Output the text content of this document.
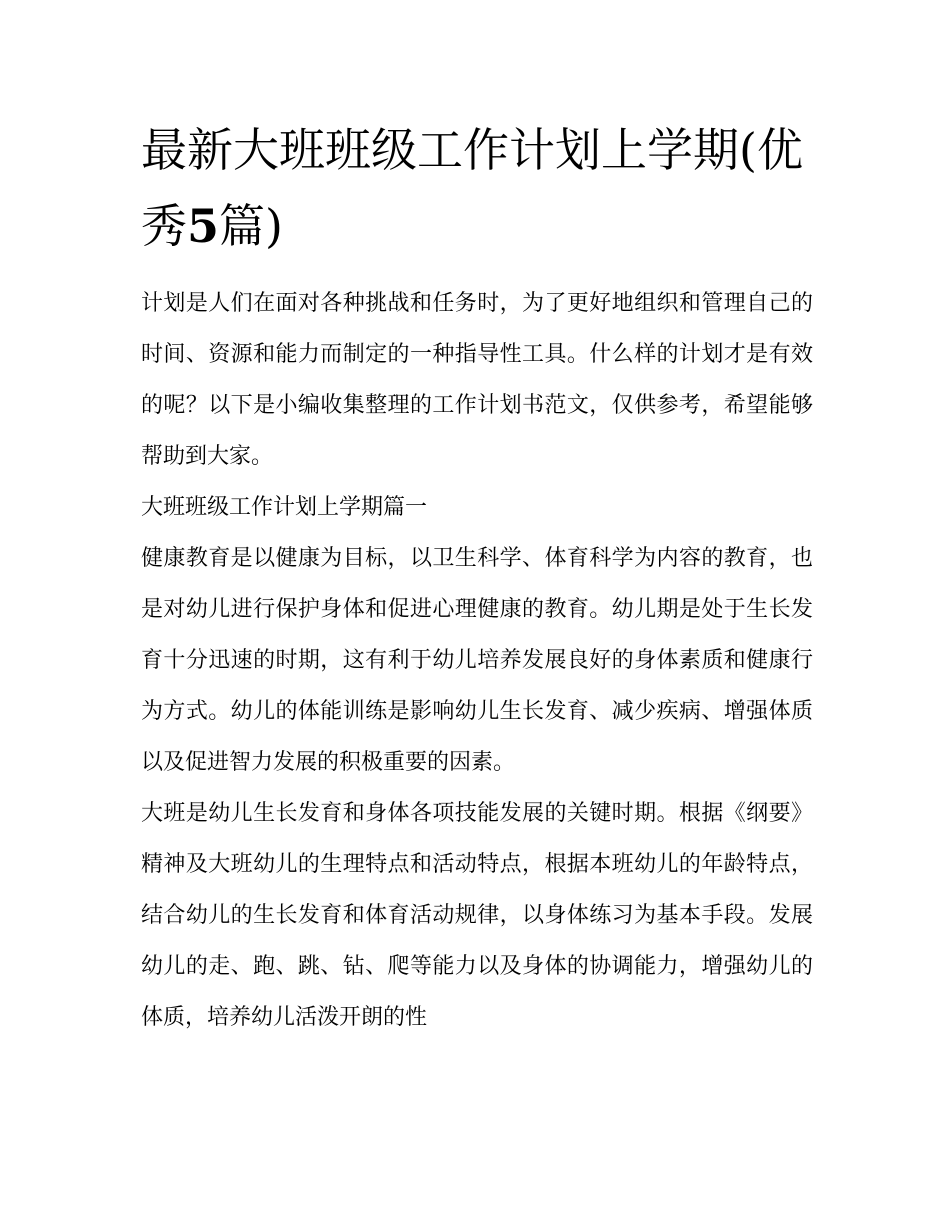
最新大班班级工作计划上学期(优秀5篇)

计划是人们在面对各种挑战和任务时，为了更好地组织和管理自己的时间、资源和能力而制定的一种指导性工具。什么样的计划才是有效的呢？以下是小编收集整理的工作计划书范文，仅供参考，希望能够帮助到大家。

大班班级工作计划上学期篇一

健康教育是以健康为目标，以卫生科学、体育科学为内容的教育，也是对幼儿进行保护身体和促进心理健康的教育。幼儿期是处于生长发育十分迅速的时期，这有利于幼儿培养发展良好的身体素质和健康行为方式。幼儿的体能训练是影响幼儿生长发育、减少疾病、增强体质以及促进智力发展的积极重要的因素。

大班是幼儿生长发育和身体各项技能发展的关键时期。根据《纲要》精神及大班幼儿的生理特点和活动特点，根据本班幼儿的年龄特点，结合幼儿的生长发育和体育活动规律，以身体练习为基本手段。发展幼儿的走、跑、跳、钻、爬等能力以及身体的协调能力，增强幼儿的体质，培养幼儿活泼开朗的性
